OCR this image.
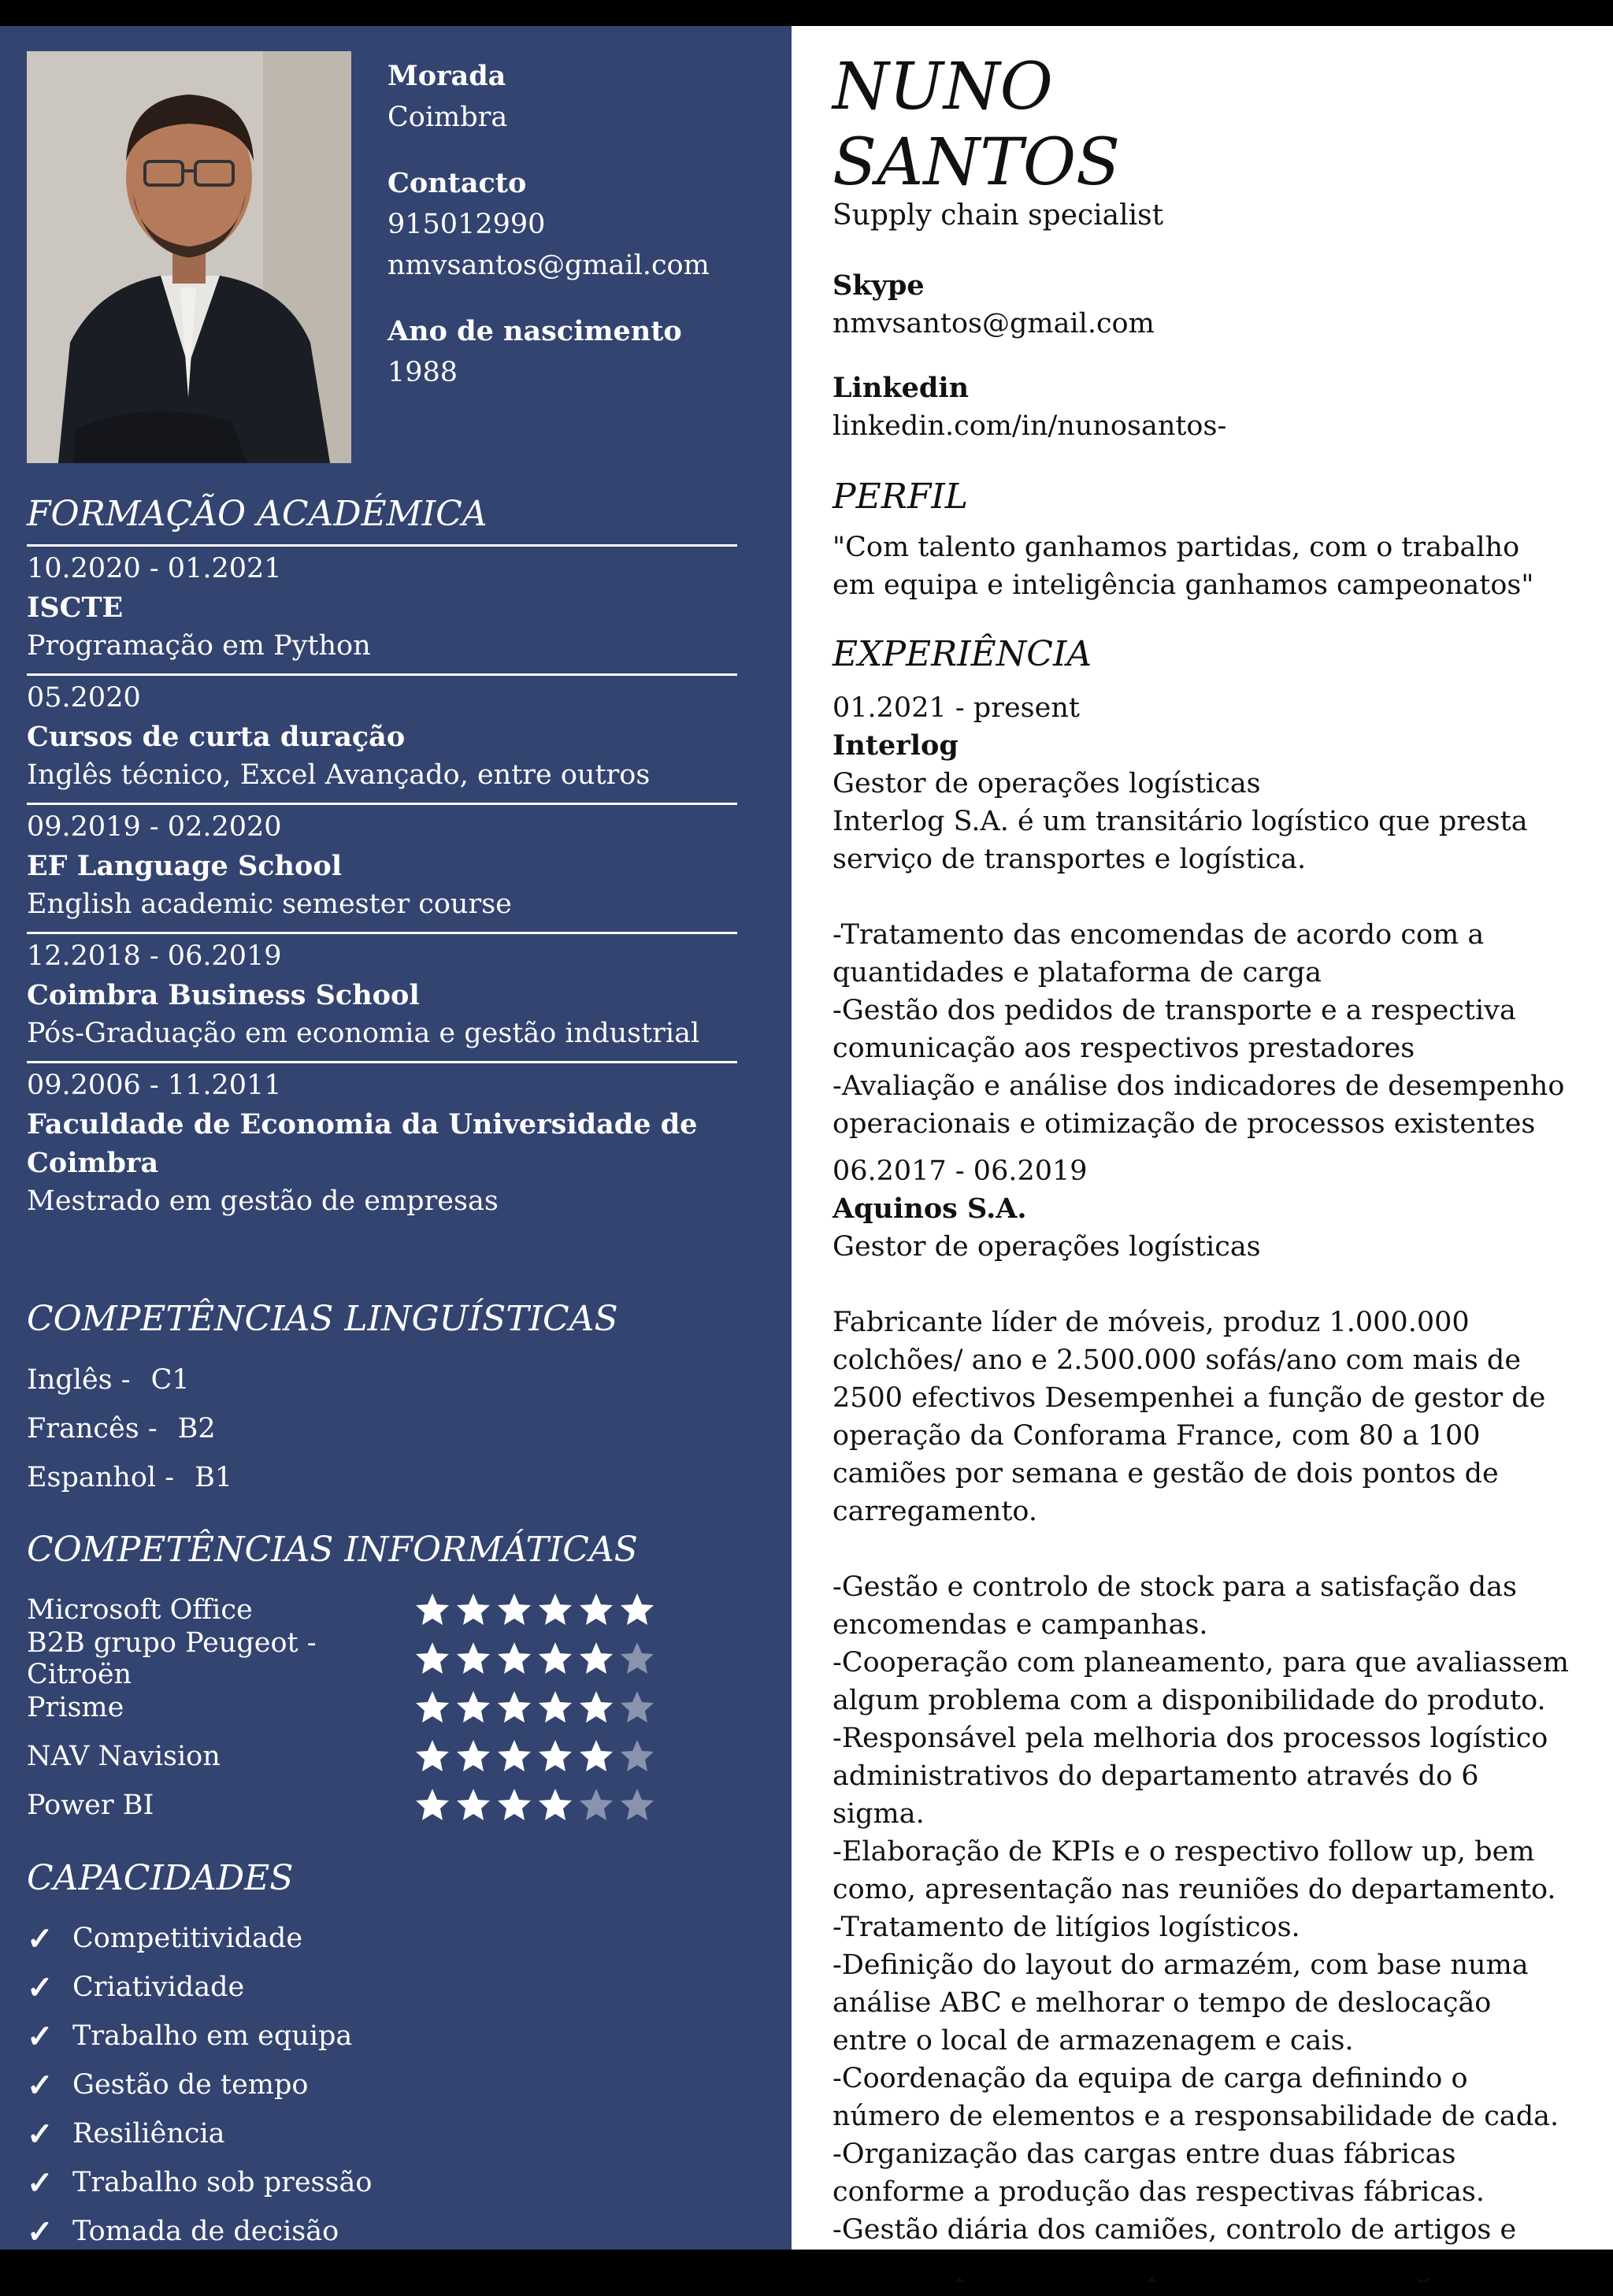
Morada
Coimbra
Contacto
915012990
nmvsantos@gmail.com
Ano de nascimento
1988
FORMAÇÃO ACADÉMICA
10.2020 - 01.2021
ISCTE
Programação em Python
05.2020
Cursos de curta duração
Inglês técnico, Excel Avançado, entre outros
09.2019 - 02.2020
EF Language School
English academic semester course
12.2018 - 06.2019
Coimbra Business School
Pós-Graduação em economia e gestão industrial
09.2006 - 11.2011
Faculdade de Economia da Universidade de Coimbra
Mestrado em gestão de empresas
COMPETÊNCIAS LINGUÍSTICAS
Inglês - C1
Francês - B2
Espanhol - B1
COMPETÊNCIAS INFORMÁTICAS
Microsoft Office
B2B grupo Peugeot - Citroën
Prisme
NAV Navision
Power BI
CAPACIDADES
✓ Competitividade
✓ Criatividade
✓ Trabalho em equipa
✓ Gestão de tempo
✓ Resiliência
✓ Trabalho sob pressão
✓ Tomada de decisão
NUNO
SANTOS
Supply chain specialist
Skype
nmvsantos@gmail.com
Linkedin
linkedin.com/in/nunosantos-
PERFIL
"Com talento ganhamos partidas, com o trabalho em equipa e inteligência ganhamos campeonatos"
EXPERIÊNCIA
01.2021 - present
Interlog
Gestor de operações logísticas
Interlog S.A. é um transitário logístico que presta serviço de transportes e logística.

-Tratamento das encomendas de acordo com a quantidades e plataforma de carga
-Gestão dos pedidos de transporte e a respectiva comunicação aos respectivos prestadores
-Avaliação e análise dos indicadores de desempenho operacionais e otimização de processos existentes
06.2017 - 06.2019
Aquinos S.A.
Gestor de operações logísticas

Fabricante líder de móveis, produz 1.000.000 colchões/ ano e 2.500.000 sofás/ano com mais de 2500 efectivos Desempenhei a função de gestor de operação da Conforama France, com 80 a 100 camiões por semana e gestão de dois pontos de carregamento.

-Gestão e controlo de stock para a satisfação das encomendas e campanhas.
-Cooperação com planeamento, para que avaliassem algum problema com a disponibilidade do produto.
-Responsável pela melhoria dos processos logístico administrativos do departamento através do 6 sigma.
-Elaboração de KPIs e o respectivo follow up, bem como, apresentação nas reuniões do departamento.
-Tratamento de litígios logísticos.
-Definição do layout do armazém, com base numa análise ABC e melhorar o tempo de deslocação entre o local de armazenagem e cais.
-Coordenação da equipa de carga definindo o número de elementos e a responsabilidade de cada.
-Organização das cargas entre duas fábricas conforme a produção das respectivas fábricas.
-Gestão diária dos camiões, controlo de artigos e
